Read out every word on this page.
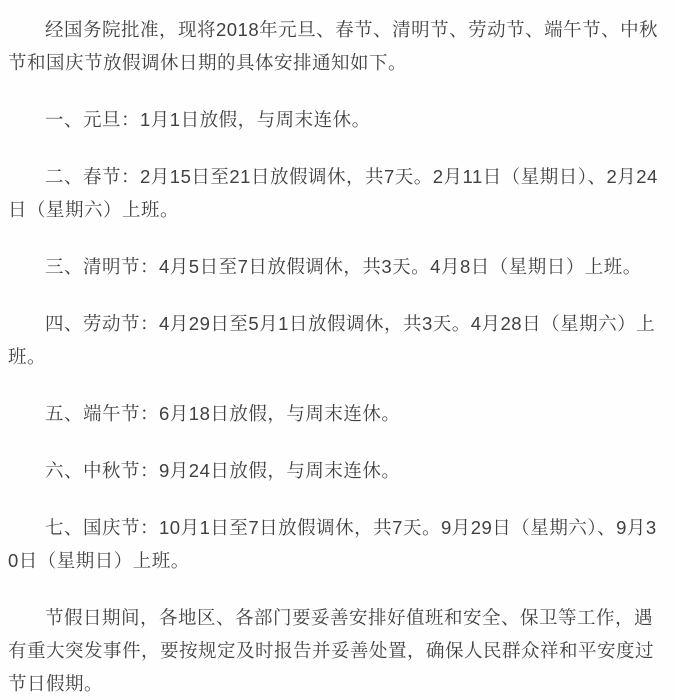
经国务院批准，现将2018年元旦、春节、清明节、劳动节、端午节、中秋节和国庆节放假调休日期的具体安排通知如下。

一、元旦：1月1日放假，与周末连休。

二、春节：2月15日至21日放假调休，共7天。2月11日（星期日）、2月24日（星期六）上班。

三、清明节：4月5日至7日放假调休，共3天。4月8日（星期日）上班。

四、劳动节：4月29日至5月1日放假调休，共3天。4月28日（星期六）上班。

五、端午节：6月18日放假，与周末连休。

六、中秋节：9月24日放假，与周末连休。

七、国庆节：10月1日至7日放假调休，共7天。9月29日（星期六）、9月30日（星期日）上班。

节假日期间，各地区、各部门要妥善安排好值班和安全、保卫等工作，遇有重大突发事件，要按规定及时报告并妥善处置，确保人民群众祥和平安度过节日假期。
